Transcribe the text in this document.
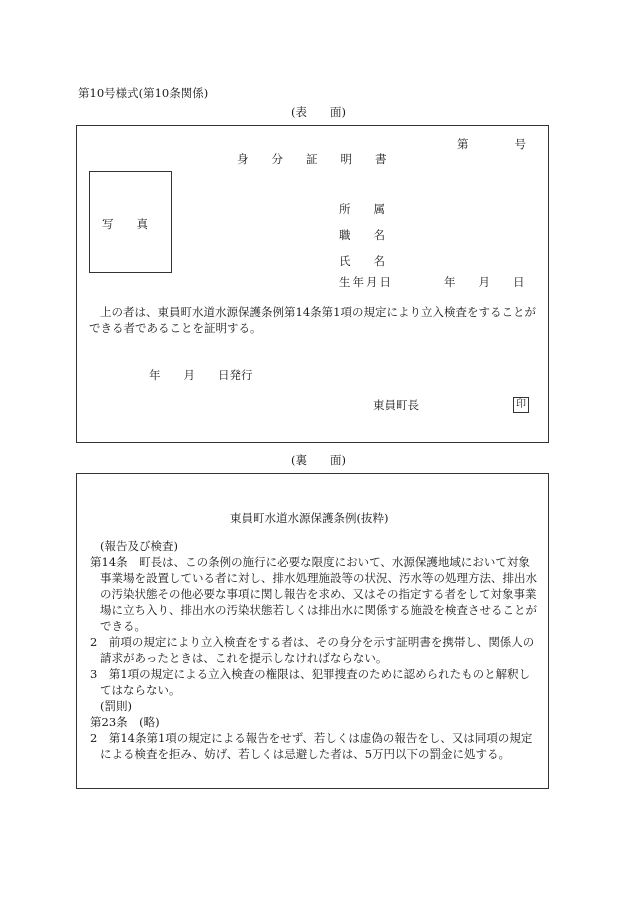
第10号様式(第10条関係)
(表　　面)
第　　　　号
身　　分　　証　　明　　書
写　　真
所　　属
職　　名
氏　　名
生年月日	年　　月　　日
上の者は、東員町水道水源保護条例第14条第1項の規定により立入検査をすることができる者であることを証明する。
年　　月　　日発行
東員町長	印
(裏　　面)
東員町水道水源保護条例(抜粋)

(報告及び検査)

第14条　町長は、この条例の施行に必要な限度において、水源保護地域において対象事業場を設置している者に対し、排水処理施設等の状況、汚水等の処理方法、排出水の汚染状態その他必要な事項に関し報告を求め、又はその指定する者をして対象事業場に立ち入り、排出水の汚染状態若しくは排出水に関係する施設を検査させることができる。

2　前項の規定により立入検査をする者は、その身分を示す証明書を携帯し、関係人の請求があったときは、これを提示しなければならない。

3　第1項の規定による立入検査の権限は、犯罪捜査のために認められたものと解釈してはならない。

(罰則)

第23条　(略)

2　第14条第1項の規定による報告をせず、若しくは虚偽の報告をし、又は同項の規定による検査を拒み、妨げ、若しくは忌避した者は、5万円以下の罰金に処する。
